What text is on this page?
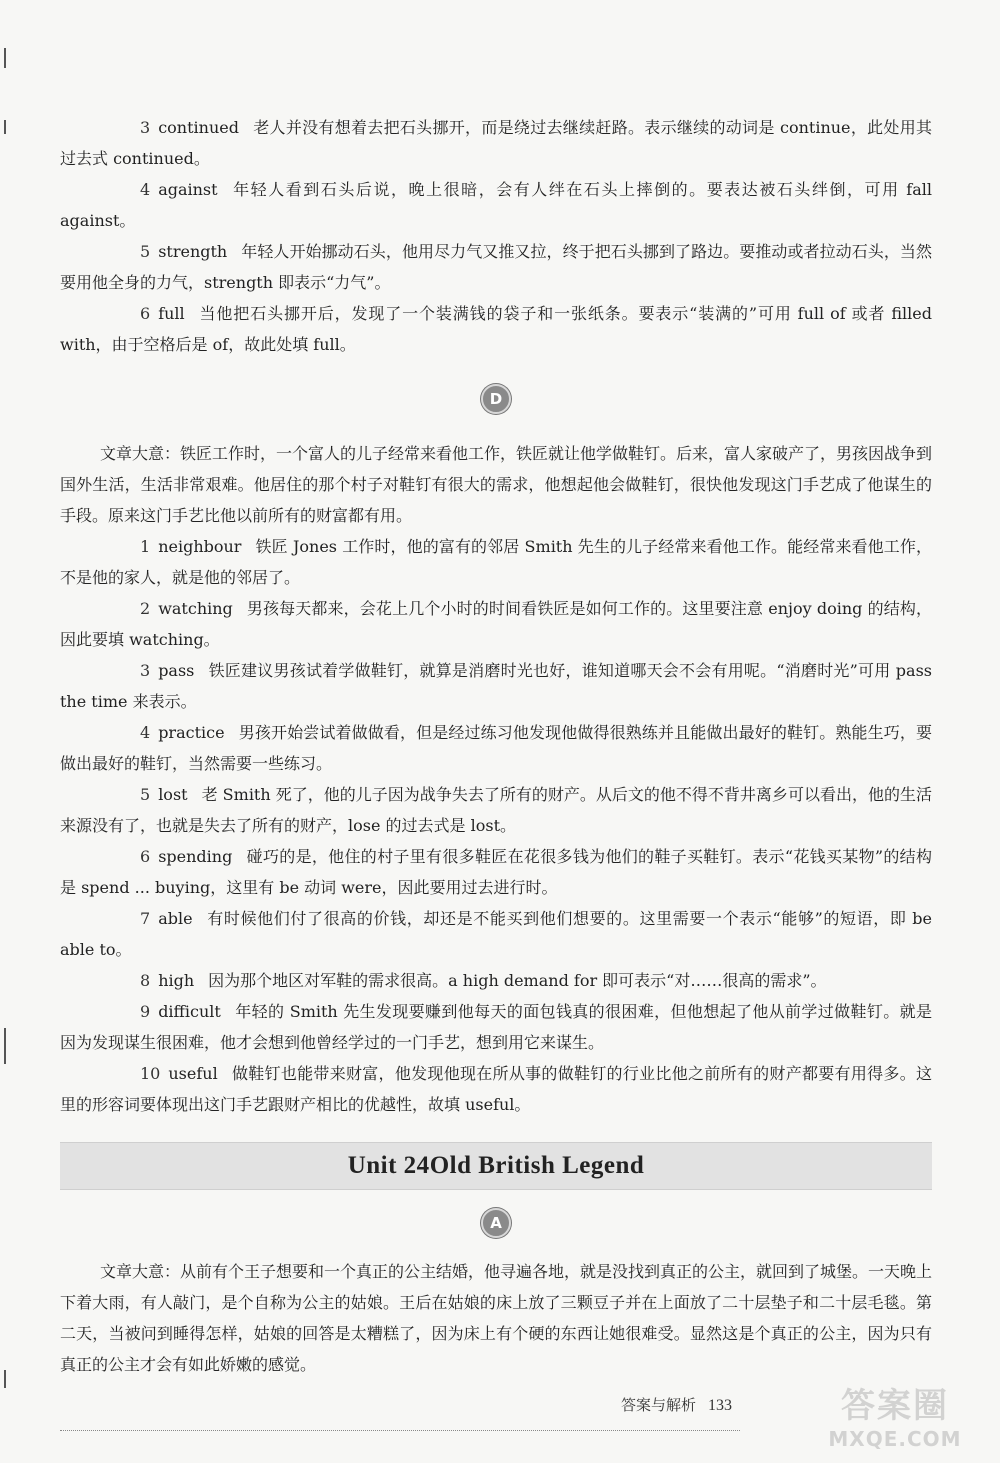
3 continued 老人并没有想着去把石头挪开，而是绕过去继续赶路。表示继续的动词是 continue，此处用其过去式 continued。

4 against 年轻人看到石头后说，晚上很暗，会有人绊在石头上摔倒的。要表达被石头绊倒，可用 fall against。

5 strength 年轻人开始挪动石头，他用尽力气又推又拉，终于把石头挪到了路边。要推动或者拉动石头，当然要用他全身的力气，strength 即表示“力气”。

6 full 当他把石头挪开后，发现了一个装满钱的袋子和一张纸条。要表示“装满的”可用 full of 或者 filled with，由于空格后是 of，故此处填 full。

D

文章大意：铁匠工作时，一个富人的儿子经常来看他工作，铁匠就让他学做鞋钉。后来，富人家破产了，男孩因战争到国外生活，生活非常艰难。他居住的那个村子对鞋钉有很大的需求，他想起他会做鞋钉，很快他发现这门手艺成了他谋生的手段。原来这门手艺比他以前所有的财富都有用。

1 neighbour 铁匠 Jones 工作时，他的富有的邻居 Smith 先生的儿子经常来看他工作。能经常来看他工作，不是他的家人，就是他的邻居了。

2 watching 男孩每天都来，会花上几个小时的时间看铁匠是如何工作的。这里要注意 enjoy doing 的结构，因此要填 watching。

3 pass 铁匠建议男孩试着学做鞋钉，就算是消磨时光也好，谁知道哪天会不会有用呢。“消磨时光”可用 pass the time 来表示。

4 practice 男孩开始尝试着做做看，但是经过练习他发现他做得很熟练并且能做出最好的鞋钉。熟能生巧，要做出最好的鞋钉，当然需要一些练习。

5 lost 老 Smith 死了，他的儿子因为战争失去了所有的财产。从后文的他不得不背井离乡可以看出，他的生活来源没有了，也就是失去了所有的财产，lose 的过去式是 lost。

6 spending 碰巧的是，他住的村子里有很多鞋匠在花很多钱为他们的鞋子买鞋钉。表示“花钱买某物”的结构是 spend ... buying，这里有 be 动词 were，因此要用过去进行时。

7 able 有时候他们付了很高的价钱，却还是不能买到他们想要的。这里需要一个表示“能够”的短语，即 be able to。

8 high 因为那个地区对军鞋的需求很高。a high demand for 即可表示“对……很高的需求”。

9 difficult 年轻的 Smith 先生发现要赚到他每天的面包钱真的很困难，但他想起了他从前学过做鞋钉。就是因为发现谋生很困难，他才会想到他曾经学过的一门手艺，想到用它来谋生。

10 useful 做鞋钉也能带来财富，他发现他现在所从事的做鞋钉的行业比他之前所有的财产都要有用得多。这里的形容词要体现出这门手艺跟财产相比的优越性，故填 useful。

Unit 24Old British Legend
A

文章大意：从前有个王子想要和一个真正的公主结婚，他寻遍各地，就是没找到真正的公主，就回到了城堡。一天晚上下着大雨，有人敲门，是个自称为公主的姑娘。王后在姑娘的床上放了三颗豆子并在上面放了二十层垫子和二十层毛毯。第二天，当被问到睡得怎样，姑娘的回答是太糟糕了，因为床上有个硬的东西让她很难受。显然这是个真正的公主，因为只有真正的公主才会有如此娇嫩的感觉。

答案与解析 133	答案圈
MXQE.COM
